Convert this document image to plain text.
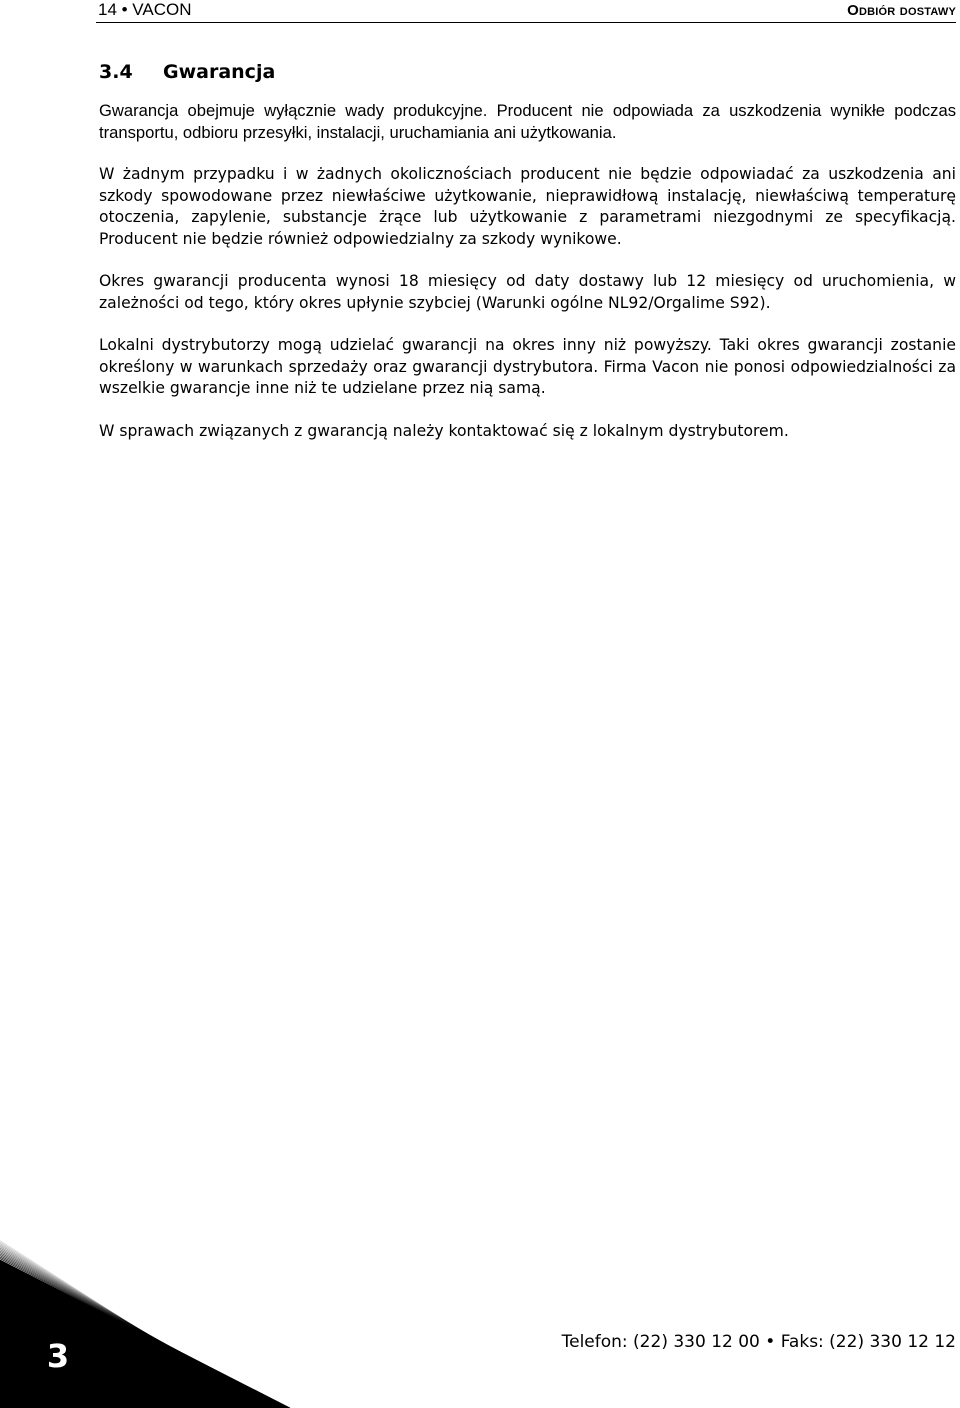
14 • VACON	Odbiór dostawy
3.4	Gwarancja

Gwarancja obejmuje wyłącznie wady produkcyjne. Producent nie odpowiada za uszkodzenia wynikłe podczas transportu, odbioru przesyłki, instalacji, uruchamiania ani użytkowania.

W żadnym przypadku i w żadnych okolicznościach producent nie będzie odpowiadać za uszkodzenia ani szkody spowodowane przez niewłaściwe użytkowanie, nieprawidłową instalację, niewłaściwą temperaturę otoczenia, zapylenie, substancje żrące lub użytkowanie z parametrami niezgodnymi ze specyfikacją. Producent nie będzie również odpowiedzialny za szkody wynikowe.

Okres gwarancji producenta wynosi 18 miesięcy od daty dostawy lub 12 miesięcy od uruchomienia, w zależności od tego, który okres upłynie szybciej (Warunki ogólne NL92/Orgalime S92).

Lokalni dystrybutorzy mogą udzielać gwarancji na okres inny niż powyższy. Taki okres gwarancji zostanie określony w warunkach sprzedaży oraz gwarancji dystrybutora. Firma Vacon nie ponosi odpowiedzialności za wszelkie gwarancje inne niż te udzielane przez nią samą.

W sprawach związanych z gwarancją należy kontaktować się z lokalnym dystrybutorem.

3	Telefon: (22) 330 12 00 • Faks: (22) 330 12 12
